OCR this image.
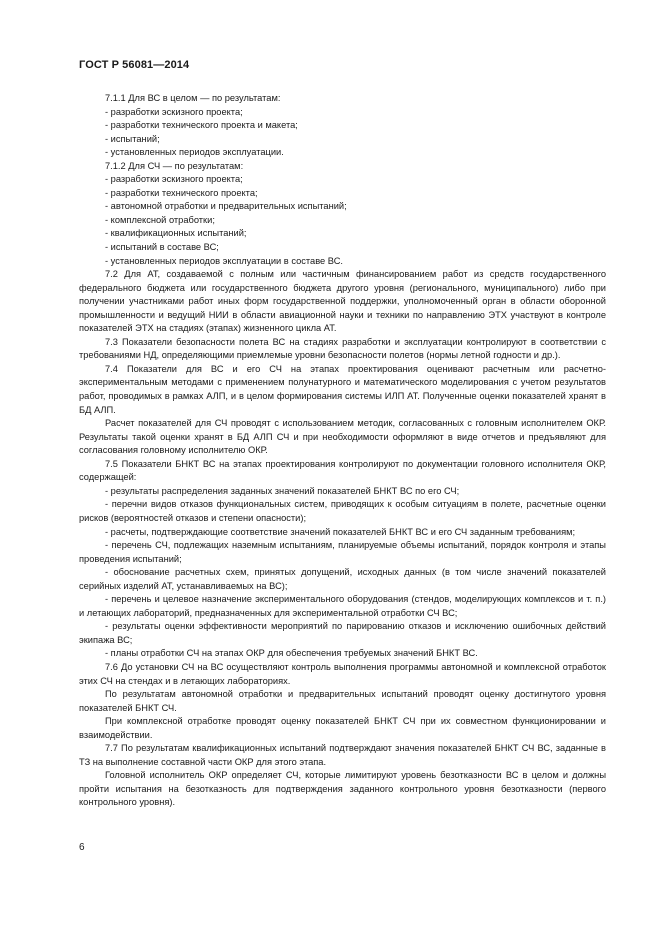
ГОСТ Р 56081—2014

7.1.1 Для ВС в целом — по результатам:

- разработки эскизного проекта;

- разработки технического проекта и макета;

- испытаний;

- установленных периодов эксплуатации.

7.1.2 Для СЧ — по результатам:

- разработки эскизного проекта;

- разработки технического проекта;

- автономной отработки и предварительных испытаний;

- комплексной отработки;

- квалификационных испытаний;

- испытаний в составе ВС;

- установленных периодов эксплуатации в составе ВС.

7.2 Для АТ, создаваемой с полным или частичным финансированием работ из средств государственного федерального бюджета или государственного бюджета другого уровня (регионального, муниципального) либо при получении участниками работ иных форм государственной поддержки, уполномоченный орган в области оборонной промышленности и ведущий НИИ в области авиационной науки и техники по направлению ЭТХ участвуют в контроле показателей ЭТХ на стадиях (этапах) жизненного цикла АТ.

7.3 Показатели безопасности полета ВС на стадиях разработки и эксплуатации контролируют в соответствии с требованиями НД, определяющими приемлемые уровни безопасности полетов (нормы летной годности и др.).

7.4 Показатели для ВС и его СЧ на этапах проектирования оценивают расчетным или расчетно-экспериментальным методами с применением полунатурного и математического моделирования с учетом результатов работ, проводимых в рамках АЛП, и в целом формирования системы ИЛП АТ. Полученные оценки показателей хранят в БД АЛП.

Расчет показателей для СЧ проводят с использованием методик, согласованных с головным исполнителем ОКР. Результаты такой оценки хранят в БД АЛП СЧ и при необходимости оформляют в виде отчетов и предъявляют для согласования головному исполнителю ОКР.

7.5 Показатели БНКТ ВС на этапах проектирования контролируют по документации головного исполнителя ОКР, содержащей:

- результаты распределения заданных значений показателей БНКТ ВС по его СЧ;

- перечни видов отказов функциональных систем, приводящих к особым ситуациям в полете, расчетные оценки рисков (вероятностей отказов и степени опасности);

- расчеты, подтверждающие соответствие значений показателей БНКТ ВС и его СЧ заданным требованиям;

- перечень СЧ, подлежащих наземным испытаниям, планируемые объемы испытаний, порядок контроля и этапы проведения испытаний;

- обоснование расчетных схем, принятых допущений, исходных данных (в том числе значений показателей серийных изделий АТ, устанавливаемых на ВС);

- перечень и целевое назначение экспериментального оборудования (стендов, моделирующих комплексов и т. п.) и летающих лабораторий, предназначенных для экспериментальной отработки СЧ ВС;

- результаты оценки эффективности мероприятий по парированию отказов и исключению ошибочных действий экипажа ВС;

- планы отработки СЧ на этапах ОКР для обеспечения требуемых значений БНКТ ВС.

7.6 До установки СЧ на ВС осуществляют контроль выполнения программы автономной и комплексной отработок этих СЧ на стендах и в летающих лабораториях.

По результатам автономной отработки и предварительных испытаний проводят оценку достигнутого уровня показателей БНКТ СЧ.

При комплексной отработке проводят оценку показателей БНКТ СЧ при их совместном функционировании и взаимодействии.

7.7 По результатам квалификационных испытаний подтверждают значения показателей БНКТ СЧ ВС, заданные в ТЗ на выполнение составной части ОКР для этого этапа.

Головной исполнитель ОКР определяет СЧ, которые лимитируют уровень безотказности ВС в целом и должны пройти испытания на безотказность для подтверждения заданного контрольного уровня безотказности (первого контрольного уровня).

6
